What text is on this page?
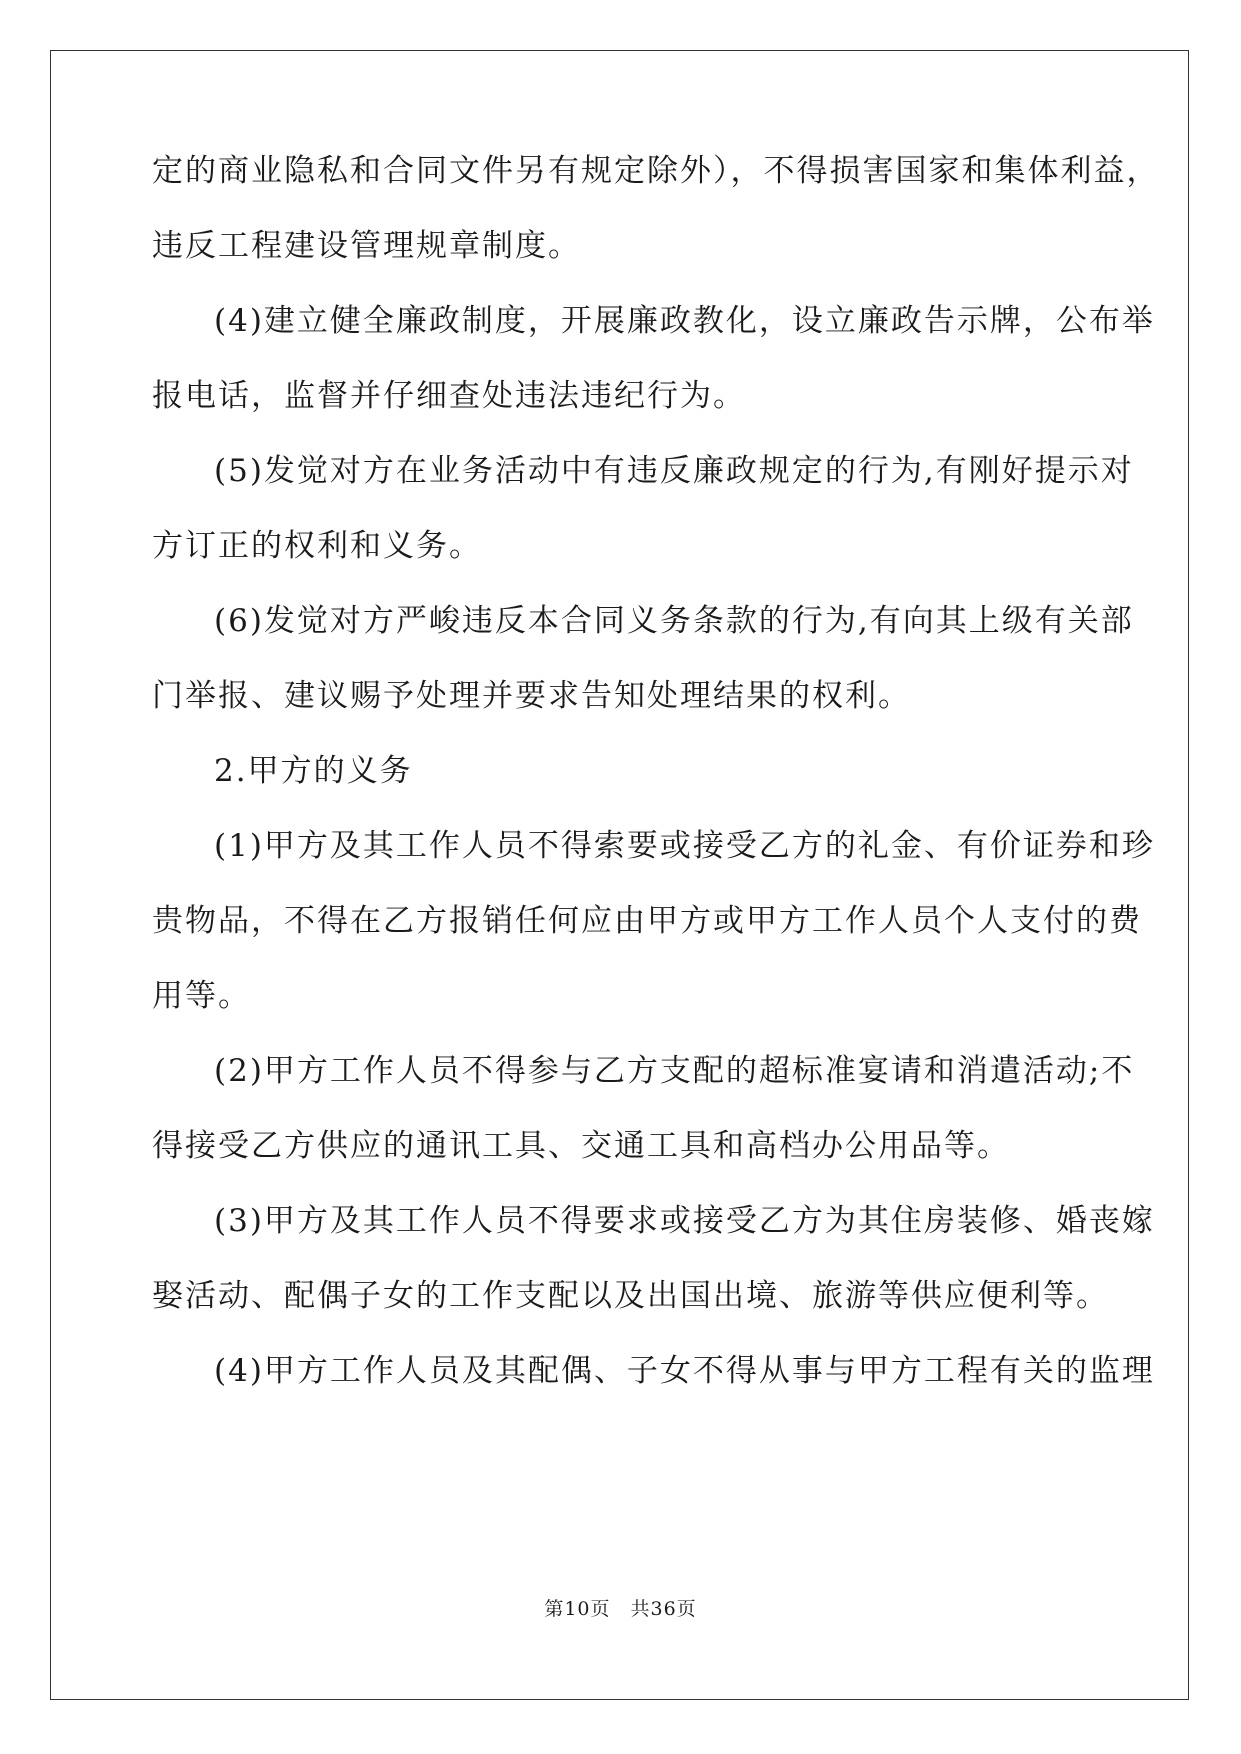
定的商业隐私和合同文件另有规定除外），不得损害国家和集体利益，
违反工程建设管理规章制度。
(4)建立健全廉政制度，开展廉政教化，设立廉政告示牌，公布举
报电话，监督并仔细查处违法违纪行为。
(5)发觉对方在业务活动中有违反廉政规定的行为,有刚好提示对
方订正的权利和义务。
(6)发觉对方严峻违反本合同义务条款的行为,有向其上级有关部
门举报、建议赐予处理并要求告知处理结果的权利。
2.甲方的义务
(1)甲方及其工作人员不得索要或接受乙方的礼金、有价证券和珍
贵物品，不得在乙方报销任何应由甲方或甲方工作人员个人支付的费
用等。
(2)甲方工作人员不得参与乙方支配的超标准宴请和消遣活动;不
得接受乙方供应的通讯工具、交通工具和高档办公用品等。
(3)甲方及其工作人员不得要求或接受乙方为其住房装修、婚丧嫁
娶活动、配偶子女的工作支配以及出国出境、旅游等供应便利等。
(4)甲方工作人员及其配偶、子女不得从事与甲方工程有关的监理
第10页　共36页
